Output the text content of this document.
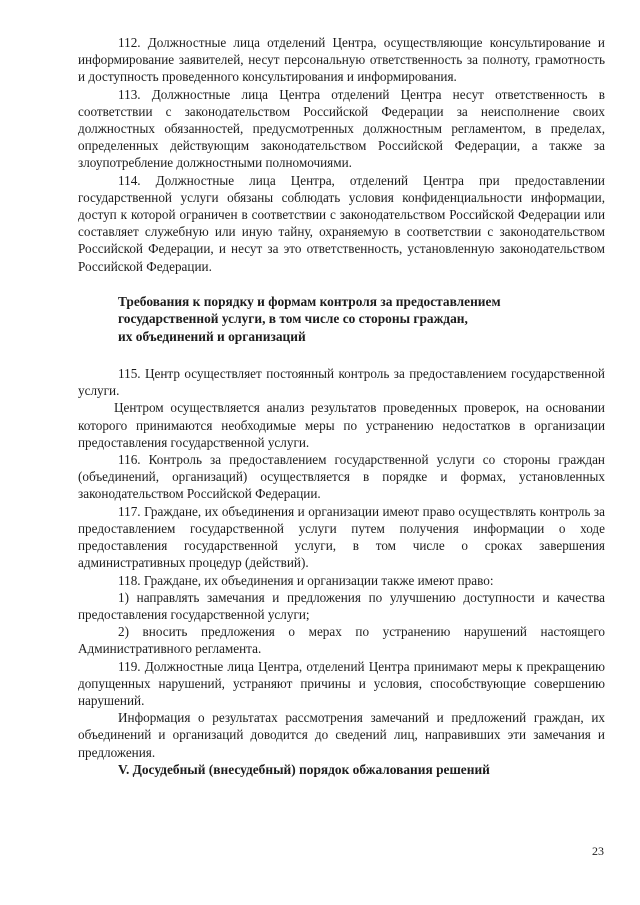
112. Должностные лица отделений Центра, осуществляющие консультирование и информирование заявителей, несут персональную ответственность за полноту, грамотность и доступность проведенного консультирования и информирования.

113. Должностные лица Центра отделений Центра несут ответственность в соответствии с законодательством Российской Федерации за неисполнение своих должностных обязанностей, предусмотренных должностным регламентом, в пределах, определенных действующим законодательством Российской Федерации, а также за злоупотребление должностными полномочиями.

114. Должностные лица Центра, отделений Центра при предоставлении государственной услуги обязаны соблюдать условия конфиденциальности информации, доступ к которой ограничен в соответствии с законодательством Российской Федерации или составляет служебную или иную тайну, охраняемую в соответствии с законодательством Российской Федерации, и несут за это ответственность, установленную законодательством Российской Федерации.

Требования к порядку и формам контроля за предоставлением
государственной услуги, в том числе со стороны граждан,
их объединений и организаций

115. Центр осуществляет постоянный контроль за предоставлением государственной услуги.

Центром осуществляется анализ результатов проведенных проверок, на основании которого принимаются необходимые меры по устранению недостатков в организации предоставления государственной услуги.

116. Контроль за предоставлением государственной услуги со стороны граждан (объединений, организаций) осуществляется в порядке и формах, установленных законодательством Российской Федерации.

117. Граждане, их объединения и организации имеют право осуществлять контроль за предоставлением государственной услуги путем получения информации о ходе предоставления государственной услуги, в том числе о сроках завершения административных процедур (действий).

118. Граждане, их объединения и организации также имеют право:

1) направлять замечания и предложения по улучшению доступности и качества предоставления государственной услуги;

2) вносить предложения о мерах по устранению нарушений настоящего Административного регламента.

119. Должностные лица Центра, отделений Центра принимают меры к прекращению допущенных нарушений, устраняют причины и условия, способствующие совершению нарушений.

Информация о результатах рассмотрения замечаний и предложений граждан, их объединений и организаций доводится до сведений лиц, направивших эти замечания и предложения.

V. Досудебный (внесудебный) порядок обжалования решений

23
